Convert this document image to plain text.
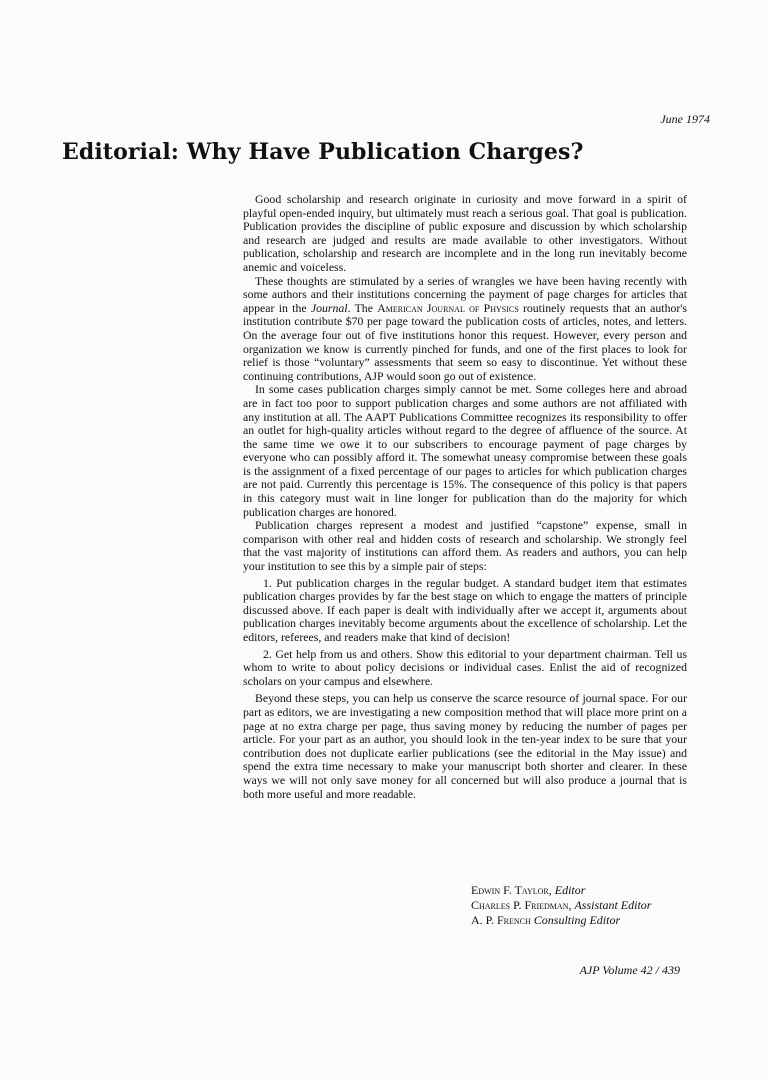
June 1974
Editorial: Why Have Publication Charges?

Good scholarship and research originate in curiosity and move forward in a spirit of playful open-ended inquiry, but ultimately must reach a serious goal. That goal is publication. Publication provides the discipline of public exposure and discussion by which scholarship and research are judged and results are made available to other investigators. Without publication, scholarship and research are incomplete and in the long run inevitably become anemic and voiceless.

These thoughts are stimulated by a series of wrangles we have been having recently with some authors and their institutions concerning the payment of page charges for articles that appear in the Journal. The American Journal of Physics routinely requests that an author's institution contribute $70 per page toward the publication costs of articles, notes, and letters. On the average four out of five institutions honor this request. However, every person and organization we know is currently pinched for funds, and one of the first places to look for relief is those “voluntary” assessments that seem so easy to discontinue. Yet without these continuing contributions, AJP would soon go out of existence.

In some cases publication charges simply cannot be met. Some colleges here and abroad are in fact too poor to support publication charges and some authors are not affiliated with any institution at all. The AAPT Publications Committee recognizes its responsibility to offer an outlet for high-quality articles without regard to the degree of affluence of the source. At the same time we owe it to our subscribers to encourage payment of page charges by everyone who can possibly afford it. The somewhat uneasy compromise between these goals is the assignment of a fixed percentage of our pages to articles for which publication charges are not paid. Currently this percentage is 15%. The consequence of this policy is that papers in this category must wait in line longer for publication than do the majority for which publication charges are honored.

Publication charges represent a modest and justified “capstone” expense, small in comparison with other real and hidden costs of research and scholarship. We strongly feel that the vast majority of institutions can afford them. As readers and authors, you can help your institution to see this by a simple pair of steps:

1. Put publication charges in the regular budget. A standard budget item that estimates publication charges provides by far the best stage on which to engage the matters of principle discussed above. If each paper is dealt with individually after we accept it, arguments about publication charges inevitably become arguments about the excellence of scholarship. Let the editors, referees, and readers make that kind of decision!

2. Get help from us and others. Show this editorial to your department chairman. Tell us whom to write to about policy decisions or individual cases. Enlist the aid of recognized scholars on your campus and elsewhere.

Beyond these steps, you can help us conserve the scarce resource of journal space. For our part as editors, we are investigating a new composition method that will place more print on a page at no extra charge per page, thus saving money by reducing the number of pages per article. For your part as an author, you should look in the ten-year index to be sure that your contribution does not duplicate earlier publications (see the editorial in the May issue) and spend the extra time necessary to make your manuscript both shorter and clearer. In these ways we will not only save money for all concerned but will also produce a journal that is both more useful and more readable.

Edwin F. Taylor, Editor
Charles P. Friedman, Assistant Editor
A. P. French Consulting Editor
AJP Volume 42 / 439
